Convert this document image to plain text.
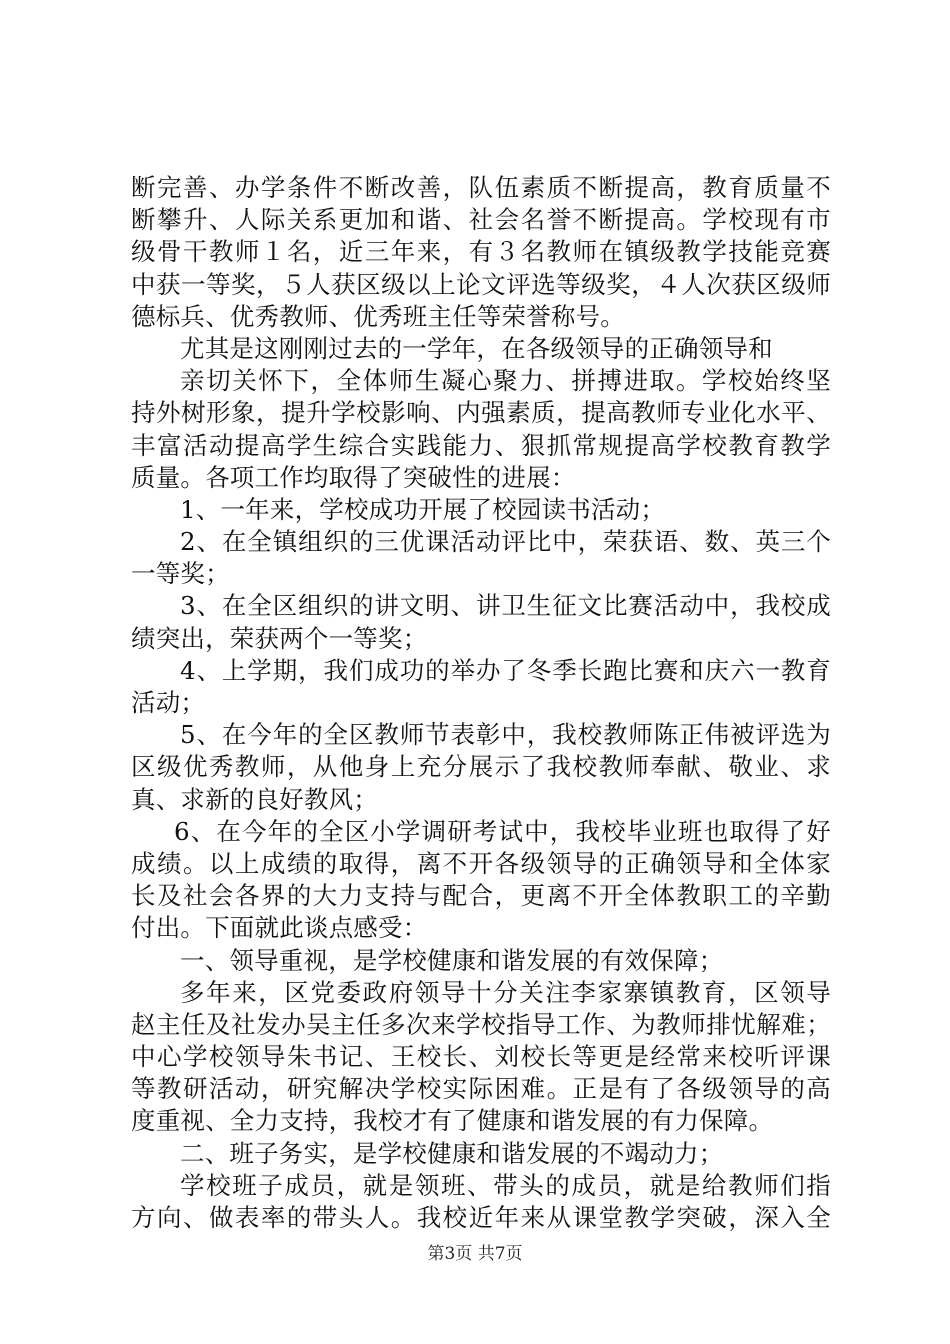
断完善、办学条件不断改善，队伍素质不断提高，教育质量不
断攀升、人际关系更加和谐、社会名誉不断提高。学校现有市
级骨干教师１名，近三年来，有３名教师在镇级教学技能竞赛
中获一等奖，５人获区级以上论文评选等级奖，４人次获区级师
德标兵、优秀教师、优秀班主任等荣誉称号。
尤其是这刚刚过去的一学年，在各级领导的正确领导和
亲切关怀下，全体师生凝心聚力、拼搏进取。学校始终坚
持外树形象，提升学校影响、内强素质，提高教师专业化水平、
丰富活动提高学生综合实践能力、狠抓常规提高学校教育教学
质量。各项工作均取得了突破性的进展：
1、一年来，学校成功开展了校园读书活动；
2、在全镇组织的三优课活动评比中，荣获语、数、英三个
一等奖；
3、在全区组织的讲文明、讲卫生征文比赛活动中，我校成
绩突出，荣获两个一等奖；
4、上学期，我们成功的举办了冬季长跑比赛和庆六一教育
活动；
5、在今年的全区教师节表彰中，我校教师陈正伟被评选为
区级优秀教师，从他身上充分展示了我校教师奉献、敬业、求
真、求新的良好教风；
6、在今年的全区小学调研考试中，我校毕业班也取得了好
成绩。以上成绩的取得，离不开各级领导的正确领导和全体家
长及社会各界的大力支持与配合，更离不开全体教职工的辛勤
付出。下面就此谈点感受：
一、领导重视，是学校健康和谐发展的有效保障；
多年来，区党委政府领导十分关注李家寨镇教育，区领导
赵主任及社发办吴主任多次来学校指导工作、为教师排忧解难；
中心学校领导朱书记、王校长、刘校长等更是经常来校听评课
等教研活动，研究解决学校实际困难。正是有了各级领导的高
度重视、全力支持，我校才有了健康和谐发展的有力保障。
二、班子务实，是学校健康和谐发展的不竭动力；
学校班子成员，就是领班、带头的成员，就是给教师们指
方向、做表率的带头人。我校近年来从课堂教学突破，深入全
第3页 共7页
